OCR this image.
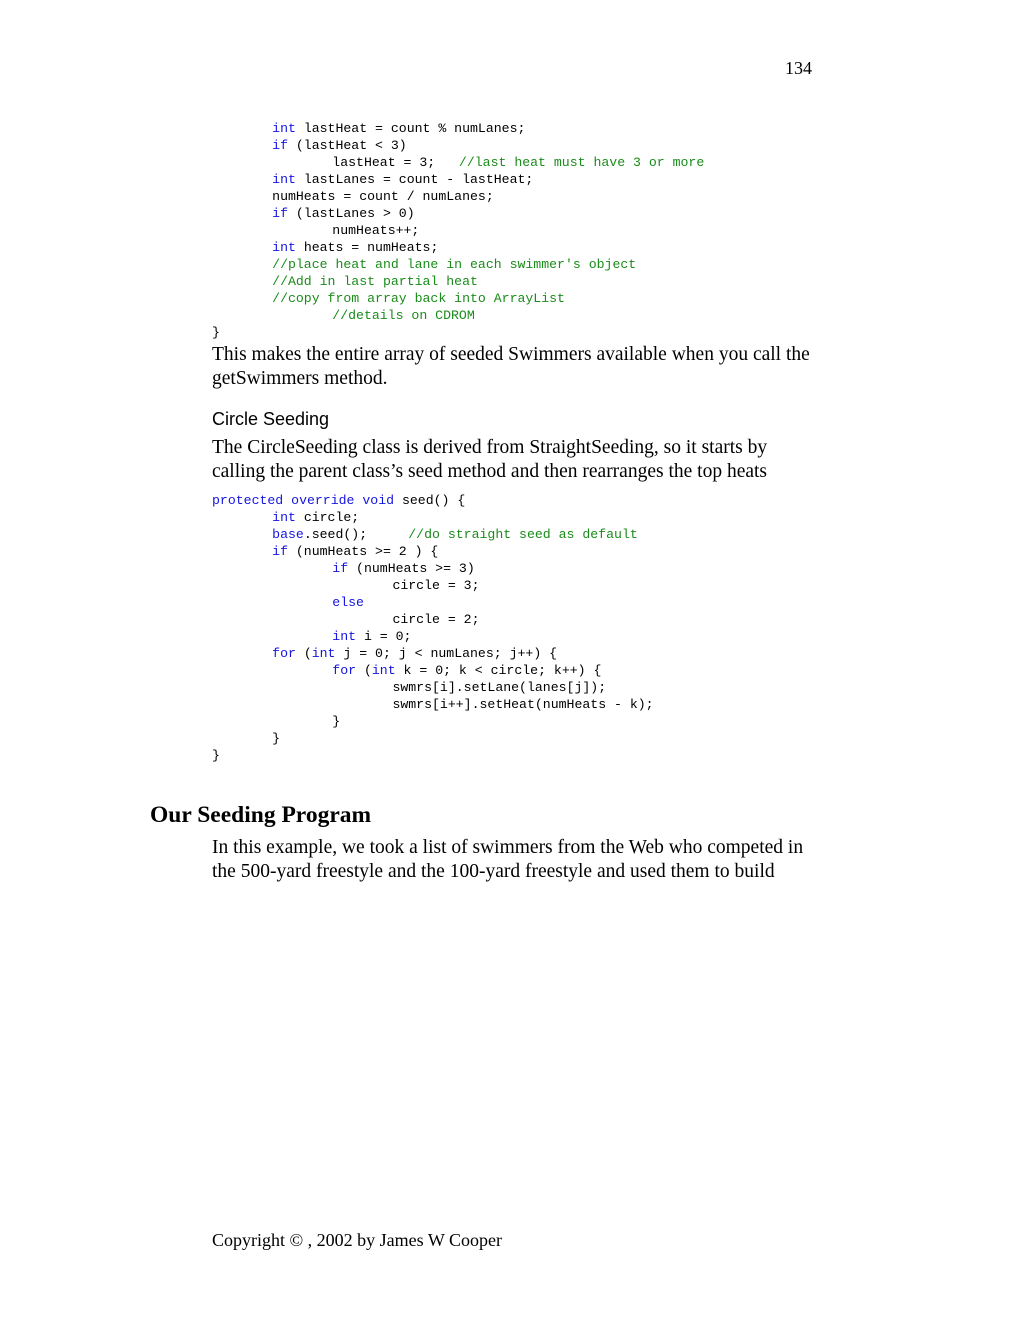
134
	int lastHeat = count % numLanes;
	if (lastHeat < 3)
		lastHeat = 3;   //last heat must have 3 or more
	int lastLanes = count - lastHeat;
	numHeats = count / numLanes;
	if (lastLanes > 0)
		numHeats++;
	int heats = numHeats;
	//place heat and lane in each swimmer's object
	//Add in last partial heat
	//copy from array back into ArrayList
		//details on CDROM
}
This makes the entire array of seeded Swimmers available when you call the getSwimmers method.
Circle Seeding
The CircleSeeding class is derived from StraightSeeding, so it starts by calling the parent class’s seed method and then rearranges the top heats
protected override void seed() {
	int circle;
	base.seed();	//do straight seed as default
	if (numHeats >= 2 ) {
		if (numHeats >= 3)
			circle = 3;
		else
			circle = 2;
		int i = 0;
	for (int j = 0; j < numLanes; j++) {
		for (int k = 0; k < circle; k++) {
			swmrs[i].setLane(lanes[j]);
			swmrs[i++].setHeat(numHeats - k);
		}
	}
}
Our Seeding Program
In this example, we took a list of swimmers from the Web who competed in the 500-yard freestyle and the 100-yard freestyle and used them to build
Copyright © , 2002 by James W Cooper
